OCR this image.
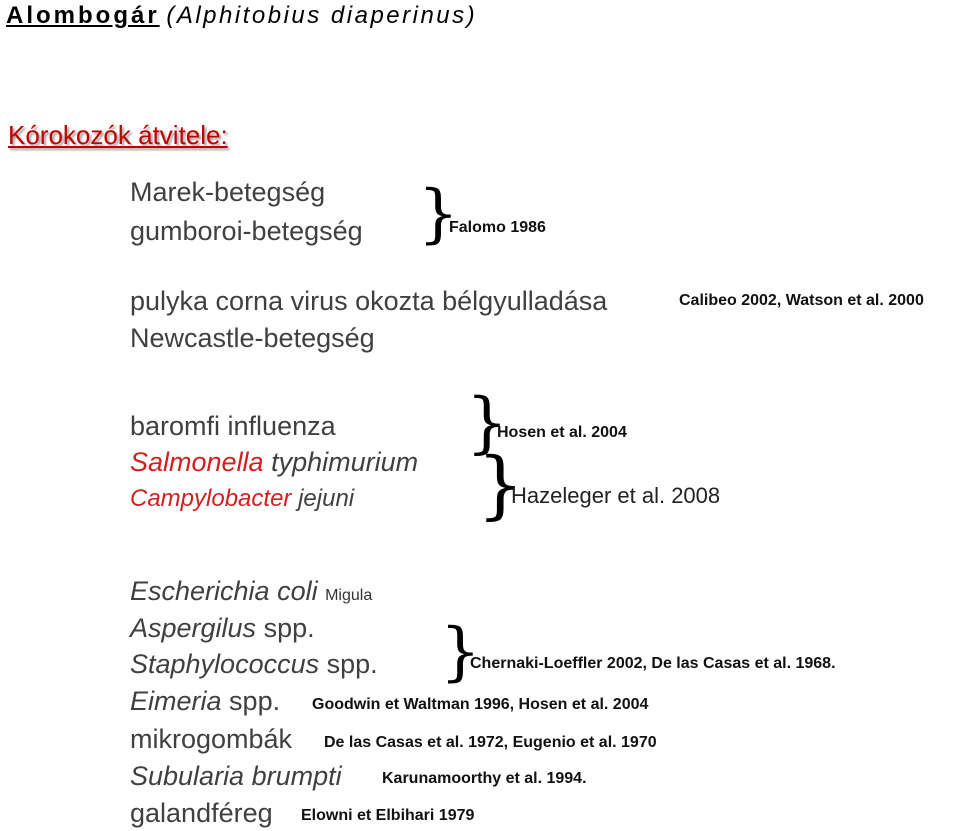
Alombogár (Alphitobius diaperinus)
Kórokozók átvitele:
Marek-betegség
gumboroi-betegség }
Falomo 1986
pulyka corna virus okozta bélgyulladása	Calibeo 2002, Watson et al. 2000
Newcastle-betegség
baromfi influenza
Salmonella typhimurium
Campylobacter jejuni
}
Hosen et al. 2004
}
Hazeleger et al. 2008
Escherichia coli Migula
Aspergilus spp.
Staphylococcus spp. }
Chernaki-Loeffler 2002, De las Casas et al. 1968.
Eimeria spp. Goodwin et Waltman 1996, Hosen et al. 2004
mikrogombák De las Casas et al. 1972, Eugenio et al. 1970
Subularia brumpti	Karunamoorthy et al. 1994.
galandféreg Elowni et Elbihari 1979
